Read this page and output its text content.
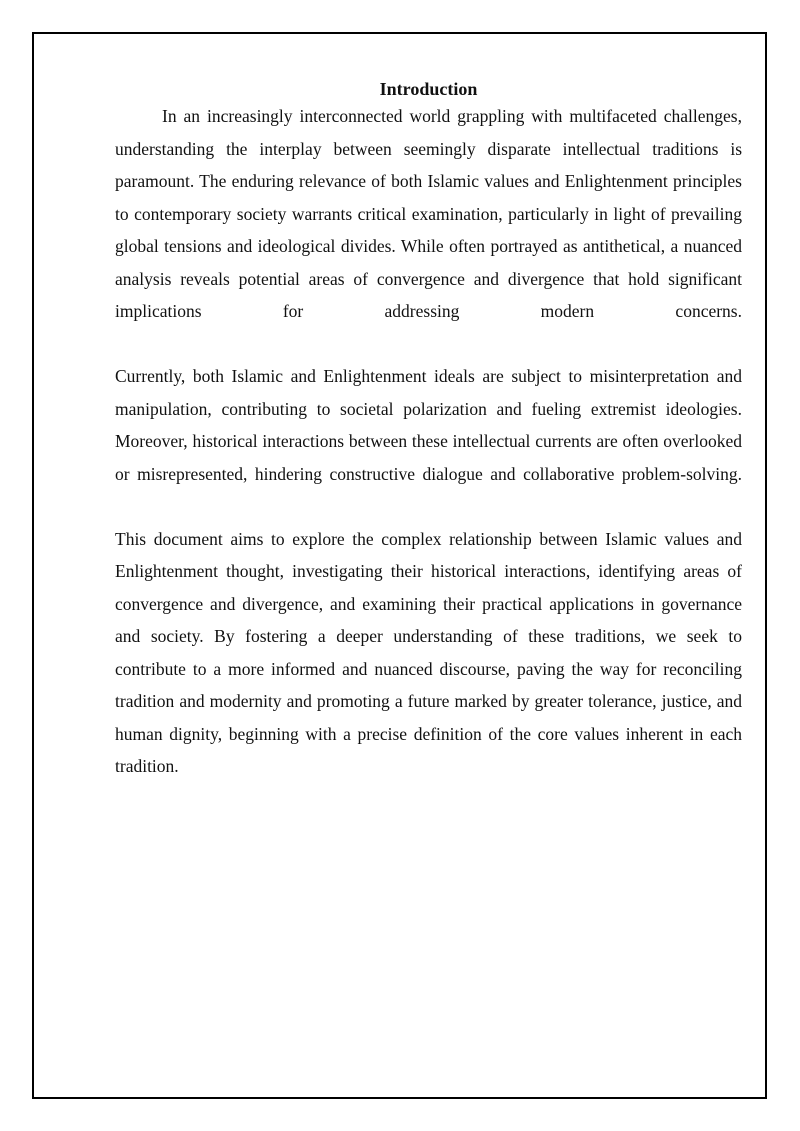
Introduction

In an increasingly interconnected world grappling with multifaceted challenges, understanding the interplay between seemingly disparate intellectual traditions is paramount. The enduring relevance of both Islamic values and Enlightenment principles to contemporary society warrants critical examination, particularly in light of prevailing global tensions and ideological divides. While often portrayed as antithetical, a nuanced analysis reveals potential areas of convergence and divergence that hold significant implications for addressing modern concerns.

Currently, both Islamic and Enlightenment ideals are subject to misinterpretation and manipulation, contributing to societal polarization and fueling extremist ideologies. Moreover, historical interactions between these intellectual currents are often overlooked or misrepresented, hindering constructive dialogue and collaborative problem-solving.

This document aims to explore the complex relationship between Islamic values and Enlightenment thought, investigating their historical interactions, identifying areas of convergence and divergence, and examining their practical applications in governance and society. By fostering a deeper understanding of these traditions, we seek to contribute to a more informed and nuanced discourse, paving the way for reconciling tradition and modernity and promoting a future marked by greater tolerance, justice, and human dignity, beginning with a precise definition of the core values inherent in each tradition.
